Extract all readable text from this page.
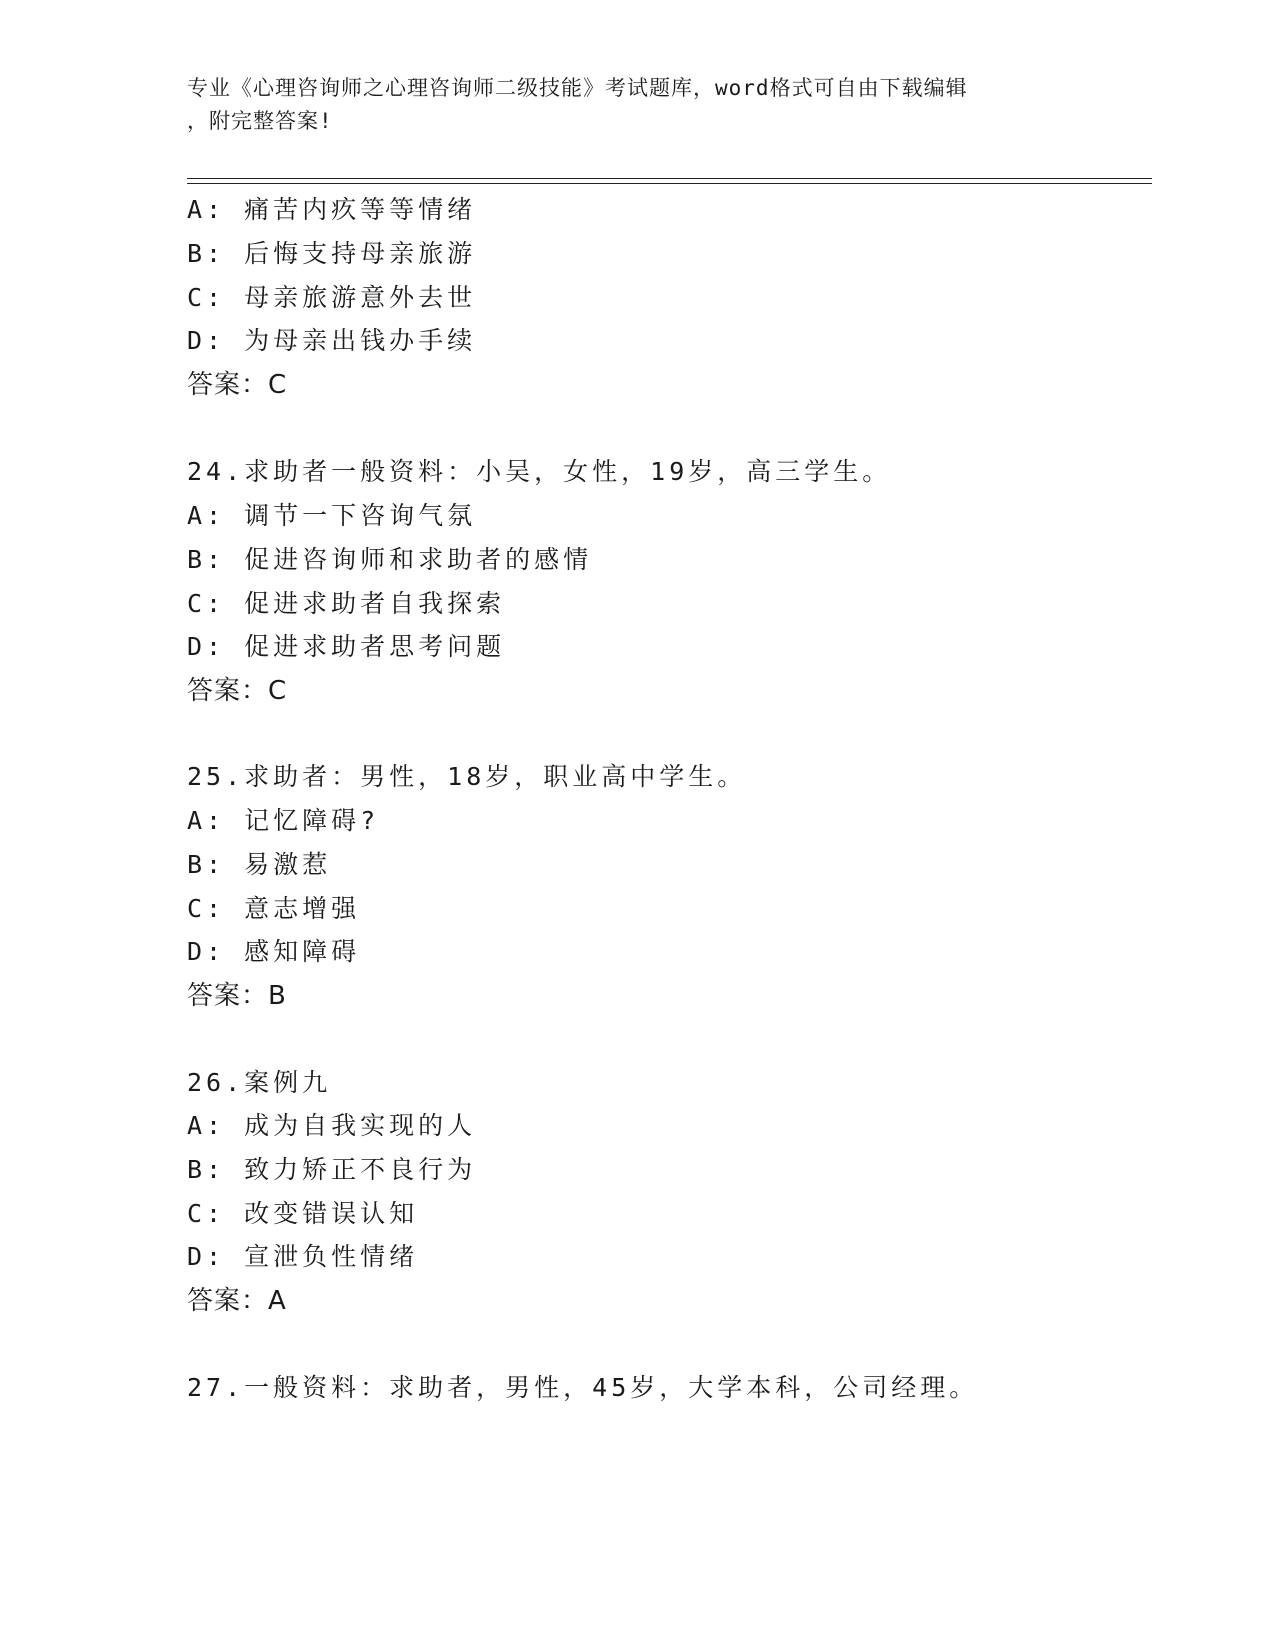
专业《心理咨询师之心理咨询师二级技能》考试题库，word格式可自由下载编辑
，附完整答案!
A: 痛苦内疚等等情绪
B: 后悔支持母亲旅游
C: 母亲旅游意外去世
D: 为母亲出钱办手续
答案：C
24.求助者一般资料：小吴，女性，19岁，高三学生。
A: 调节一下咨询气氛
B: 促进咨询师和求助者的感情
C: 促进求助者自我探索
D: 促进求助者思考问题
答案：C
25.求助者：男性，18岁，职业高中学生。
A: 记忆障碍?
B: 易激惹
C: 意志增强
D: 感知障碍
答案：B
26.案例九
A: 成为自我实现的人
B: 致力矫正不良行为
C: 改变错误认知
D: 宣泄负性情绪
答案：A
27.一般资料：求助者，男性，45岁，大学本科，公司经理。
